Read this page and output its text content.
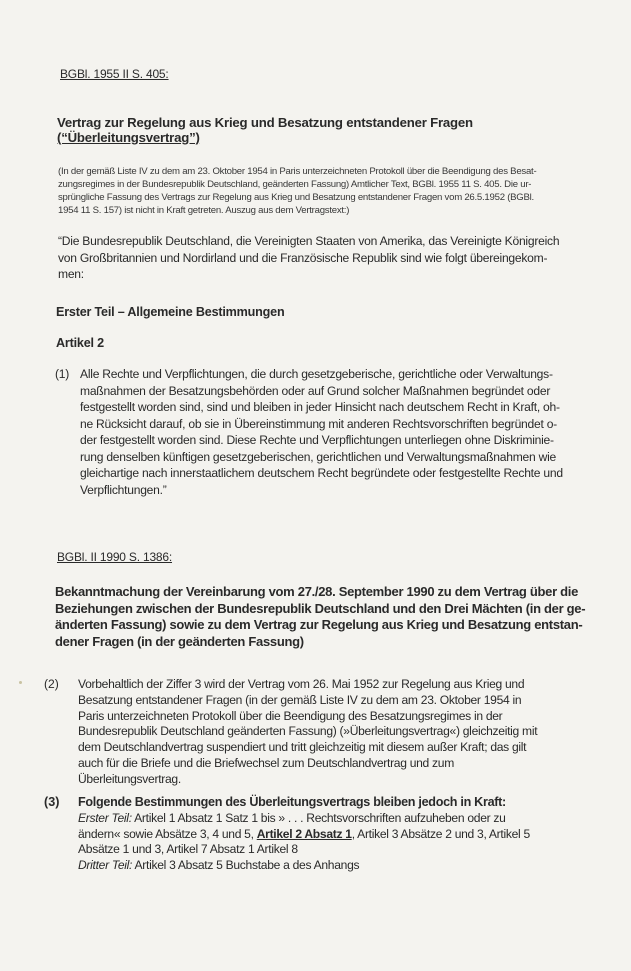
BGBl. 1955 II S. 405:
Vertrag zur Regelung aus Krieg und Besatzung entstandener Fragen
(“Überleitungsvertrag”)
(In der gemäß Liste IV zu dem am 23. Oktober 1954 in Paris unterzeichneten Protokoll über die Beendigung des Besat-
zungsregimes in der Bundesrepublik Deutschland, geänderten Fassung) Amtlicher Text, BGBl. 1955 11 S. 405. Die ur-
sprüngliche Fassung des Vertrags zur Regelung aus Krieg und Besatzung entstandener Fragen vom 26.5.1952 (BGBl.
1954 11 S. 157) ist nicht in Kraft getreten. Auszug aus dem Vertragstext:)
“Die Bundesrepublik Deutschland, die Vereinigten Staaten von Amerika, das Vereinigte Königreich
von Großbritannien und Nordirland und die Französische Republik sind wie folgt übereingekom-
men:
Erster Teil – Allgemeine Bestimmungen
Artikel 2
(1) Alle Rechte und Verpflichtungen, die durch gesetzgeberische, gerichtliche oder Verwaltungs-
maßnahmen der Besatzungsbehörden oder auf Grund solcher Maßnahmen begründet oder
festgestellt worden sind, sind und bleiben in jeder Hinsicht nach deutschem Recht in Kraft, oh-
ne Rücksicht darauf, ob sie in Übereinstimmung mit anderen Rechtsvorschriften begründet o-
der festgestellt worden sind. Diese Rechte und Verpflichtungen unterliegen ohne Diskriminie-
rung denselben künftigen gesetzgeberischen, gerichtlichen und Verwaltungsmaßnahmen wie
gleichartige nach innerstaatlichem deutschem Recht begründete oder festgestellte Rechte und
Verpflichtungen.”
BGBl. II 1990 S. 1386:
Bekanntmachung der Vereinbarung vom 27./28. September 1990 zu dem Vertrag über die
Beziehungen zwischen der Bundesrepublik Deutschland und den Drei Mächten (in der ge-
änderten Fassung) sowie zu dem Vertrag zur Regelung aus Krieg und Besatzung entstan-
dener Fragen (in der geänderten Fassung)
(2) Vorbehaltlich der Ziffer 3 wird der Vertrag vom 26. Mai 1952 zur Regelung aus Krieg und
Besatzung entstandener Fragen (in der gemäß Liste IV zu dem am 23. Oktober 1954 in
Paris unterzeichneten Protokoll über die Beendigung des Besatzungsregimes in der
Bundesrepublik Deutschland geänderten Fassung) (»Überleitungsvertrag«) gleichzeitig mit
dem Deutschlandvertrag suspendiert und tritt gleichzeitig mit diesem außer Kraft; das gilt
auch für die Briefe und die Briefwechsel zum Deutschlandvertrag und zum
Überleitungsvertrag.
(3) Folgende Bestimmungen des Überleitungsvertrags bleiben jedoch in Kraft:
Erster Teil: Artikel 1 Absatz 1 Satz 1 bis » . . . Rechtsvorschriften aufzuheben oder zu
ändern« sowie Absätze 3, 4 und 5, Artikel 2 Absatz 1, Artikel 3 Absätze 2 und 3, Artikel 5
Absätze 1 und 3, Artikel 7 Absatz 1 Artikel 8
Dritter Teil: Artikel 3 Absatz 5 Buchstabe a des Anhangs
